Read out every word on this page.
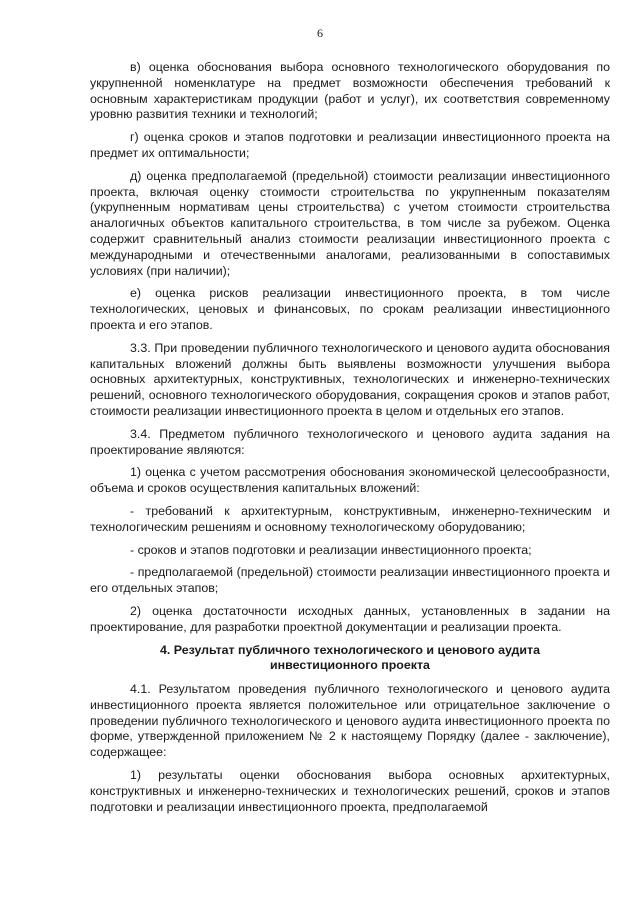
6

в) оценка обоснования выбора основного технологического оборудования по укрупненной номенклатуре на предмет возможности обеспечения требований к основным характеристикам продукции (работ и услуг), их соответствия современному уровню развития техники и технологий;

г) оценка сроков и этапов подготовки и реализации инвестиционного проекта на предмет их оптимальности;

д) оценка предполагаемой (предельной) стоимости реализации инвестиционного проекта, включая оценку стоимости строительства по укрупненным показателям (укрупненным нормативам цены строительства) с учетом стоимости строительства аналогичных объектов капитального строительства, в том числе за рубежом. Оценка содержит сравнительный анализ стоимости реализации инвестиционного проекта с международными и отечественными аналогами, реализованными в сопоставимых условиях (при наличии);

е) оценка рисков реализации инвестиционного проекта, в том числе технологических, ценовых и финансовых, по срокам реализации инвестиционного проекта и его этапов.

3.3. При проведении публичного технологического и ценового аудита обоснования капитальных вложений должны быть выявлены возможности улучшения выбора основных архитектурных, конструктивных, технологических и инженерно-технических решений, основного технологического оборудования, сокращения сроков и этапов работ, стоимости реализации инвестиционного проекта в целом и отдельных его этапов.

3.4. Предметом публичного технологического и ценового аудита задания на проектирование являются:

1) оценка с учетом рассмотрения обоснования экономической целесообразности, объема и сроков осуществления капитальных вложений:

- требований к архитектурным, конструктивным, инженерно-техническим и технологическим решениям и основному технологическому оборудованию;

- сроков и этапов подготовки и реализации инвестиционного проекта;

- предполагаемой (предельной) стоимости реализации инвестиционного проекта и его отдельных этапов;

2) оценка достаточности исходных данных, установленных в задании на проектирование, для разработки проектной документации и реализации проекта.

4. Результат публичного технологического и ценового аудита инвестиционного проекта

4.1. Результатом проведения публичного технологического и ценового аудита инвестиционного проекта является положительное или отрицательное заключение о проведении публичного технологического и ценового аудита инвестиционного проекта по форме, утвержденной приложением № 2 к настоящему Порядку (далее - заключение), содержащее:

1) результаты оценки обоснования выбора основных архитектурных, конструктивных и инженерно-технических и технологических решений, сроков и этапов подготовки и реализации инвестиционного проекта, предполагаемой
